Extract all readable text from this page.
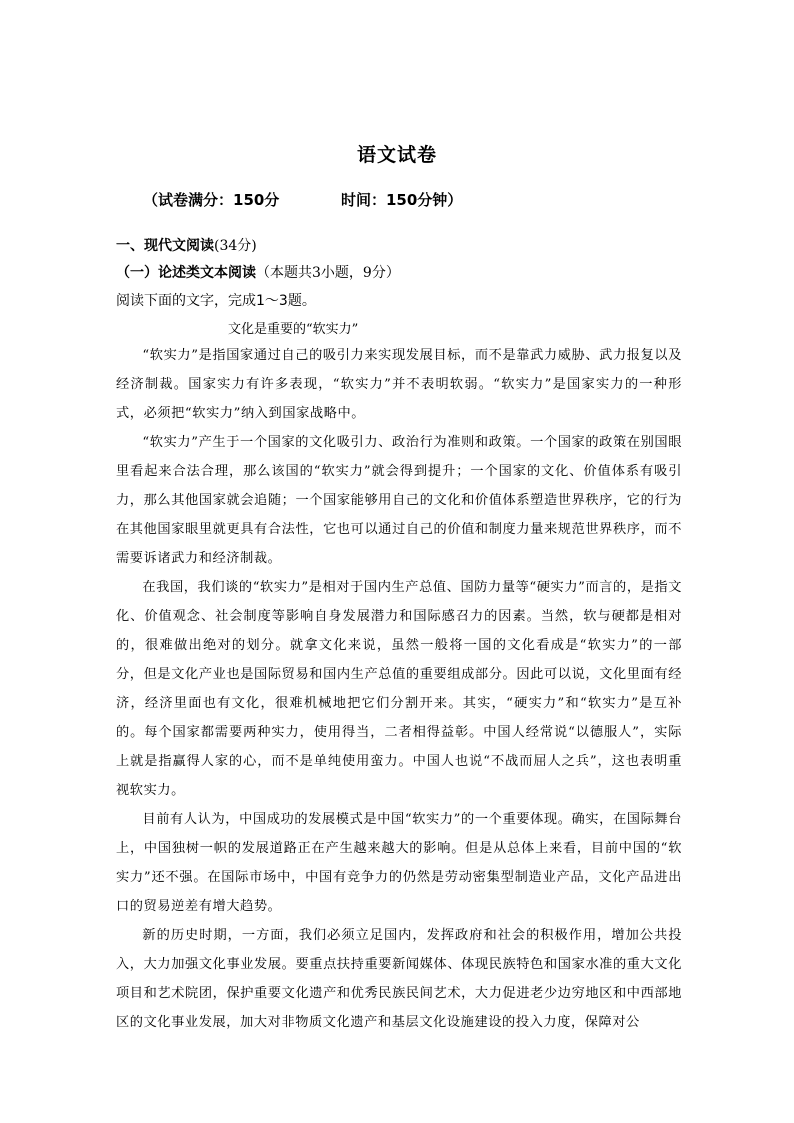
语文试卷
（试卷满分：150分	时间：150分钟）
一、现代文阅读(34分)
（一）论述类文本阅读（本题共3小题，9分）
阅读下面的文字，完成1～3题。
文化是重要的“软实力”

“软实力”是指国家通过自己的吸引力来实现发展目标，而不是靠武力威胁、武力报复以及经济制裁。国家实力有许多表现，“软实力”并不表明软弱。“软实力”是国家实力的一种形式，必须把“软实力”纳入到国家战略中。

“软实力”产生于一个国家的文化吸引力、政治行为准则和政策。一个国家的政策在别国眼里看起来合法合理，那么该国的“软实力”就会得到提升；一个国家的文化、价值体系有吸引力，那么其他国家就会追随；一个国家能够用自己的文化和价值体系塑造世界秩序，它的行为在其他国家眼里就更具有合法性，它也可以通过自己的价值和制度力量来规范世界秩序，而不需要诉诸武力和经济制裁。

在我国，我们谈的“软实力”是相对于国内生产总值、国防力量等“硬实力”而言的，是指文化、价值观念、社会制度等影响自身发展潜力和国际感召力的因素。当然，软与硬都是相对的，很难做出绝对的划分。就拿文化来说，虽然一般将一国的文化看成是“软实力”的一部分，但是文化产业也是国际贸易和国内生产总值的重要组成部分。因此可以说，文化里面有经济，经济里面也有文化，很难机械地把它们分割开来。其实，“硬实力”和“软实力”是互补的。每个国家都需要两种实力，使用得当，二者相得益彰。中国人经常说“以德服人”，实际上就是指赢得人家的心，而不是单纯使用蛮力。中国人也说“不战而屈人之兵”，这也表明重视软实力。

目前有人认为，中国成功的发展模式是中国“软实力”的一个重要体现。确实，在国际舞台上，中国独树一帜的发展道路正在产生越来越大的影响。但是从总体上来看，目前中国的“软实力”还不强。在国际市场中，中国有竞争力的仍然是劳动密集型制造业产品，文化产品进出口的贸易逆差有增大趋势。

新的历史时期，一方面，我们必须立足国内，发挥政府和社会的积极作用，增加公共投入，大力加强文化事业发展。要重点扶持重要新闻媒体、体现民族特色和国家水准的重大文化项目和艺术院团，保护重要文化遗产和优秀民族民间艺术，大力促进老少边穷地区和中西部地区的文化事业发展，加大对非物质文化遗产和基层文化设施建设的投入力度，保障对公
